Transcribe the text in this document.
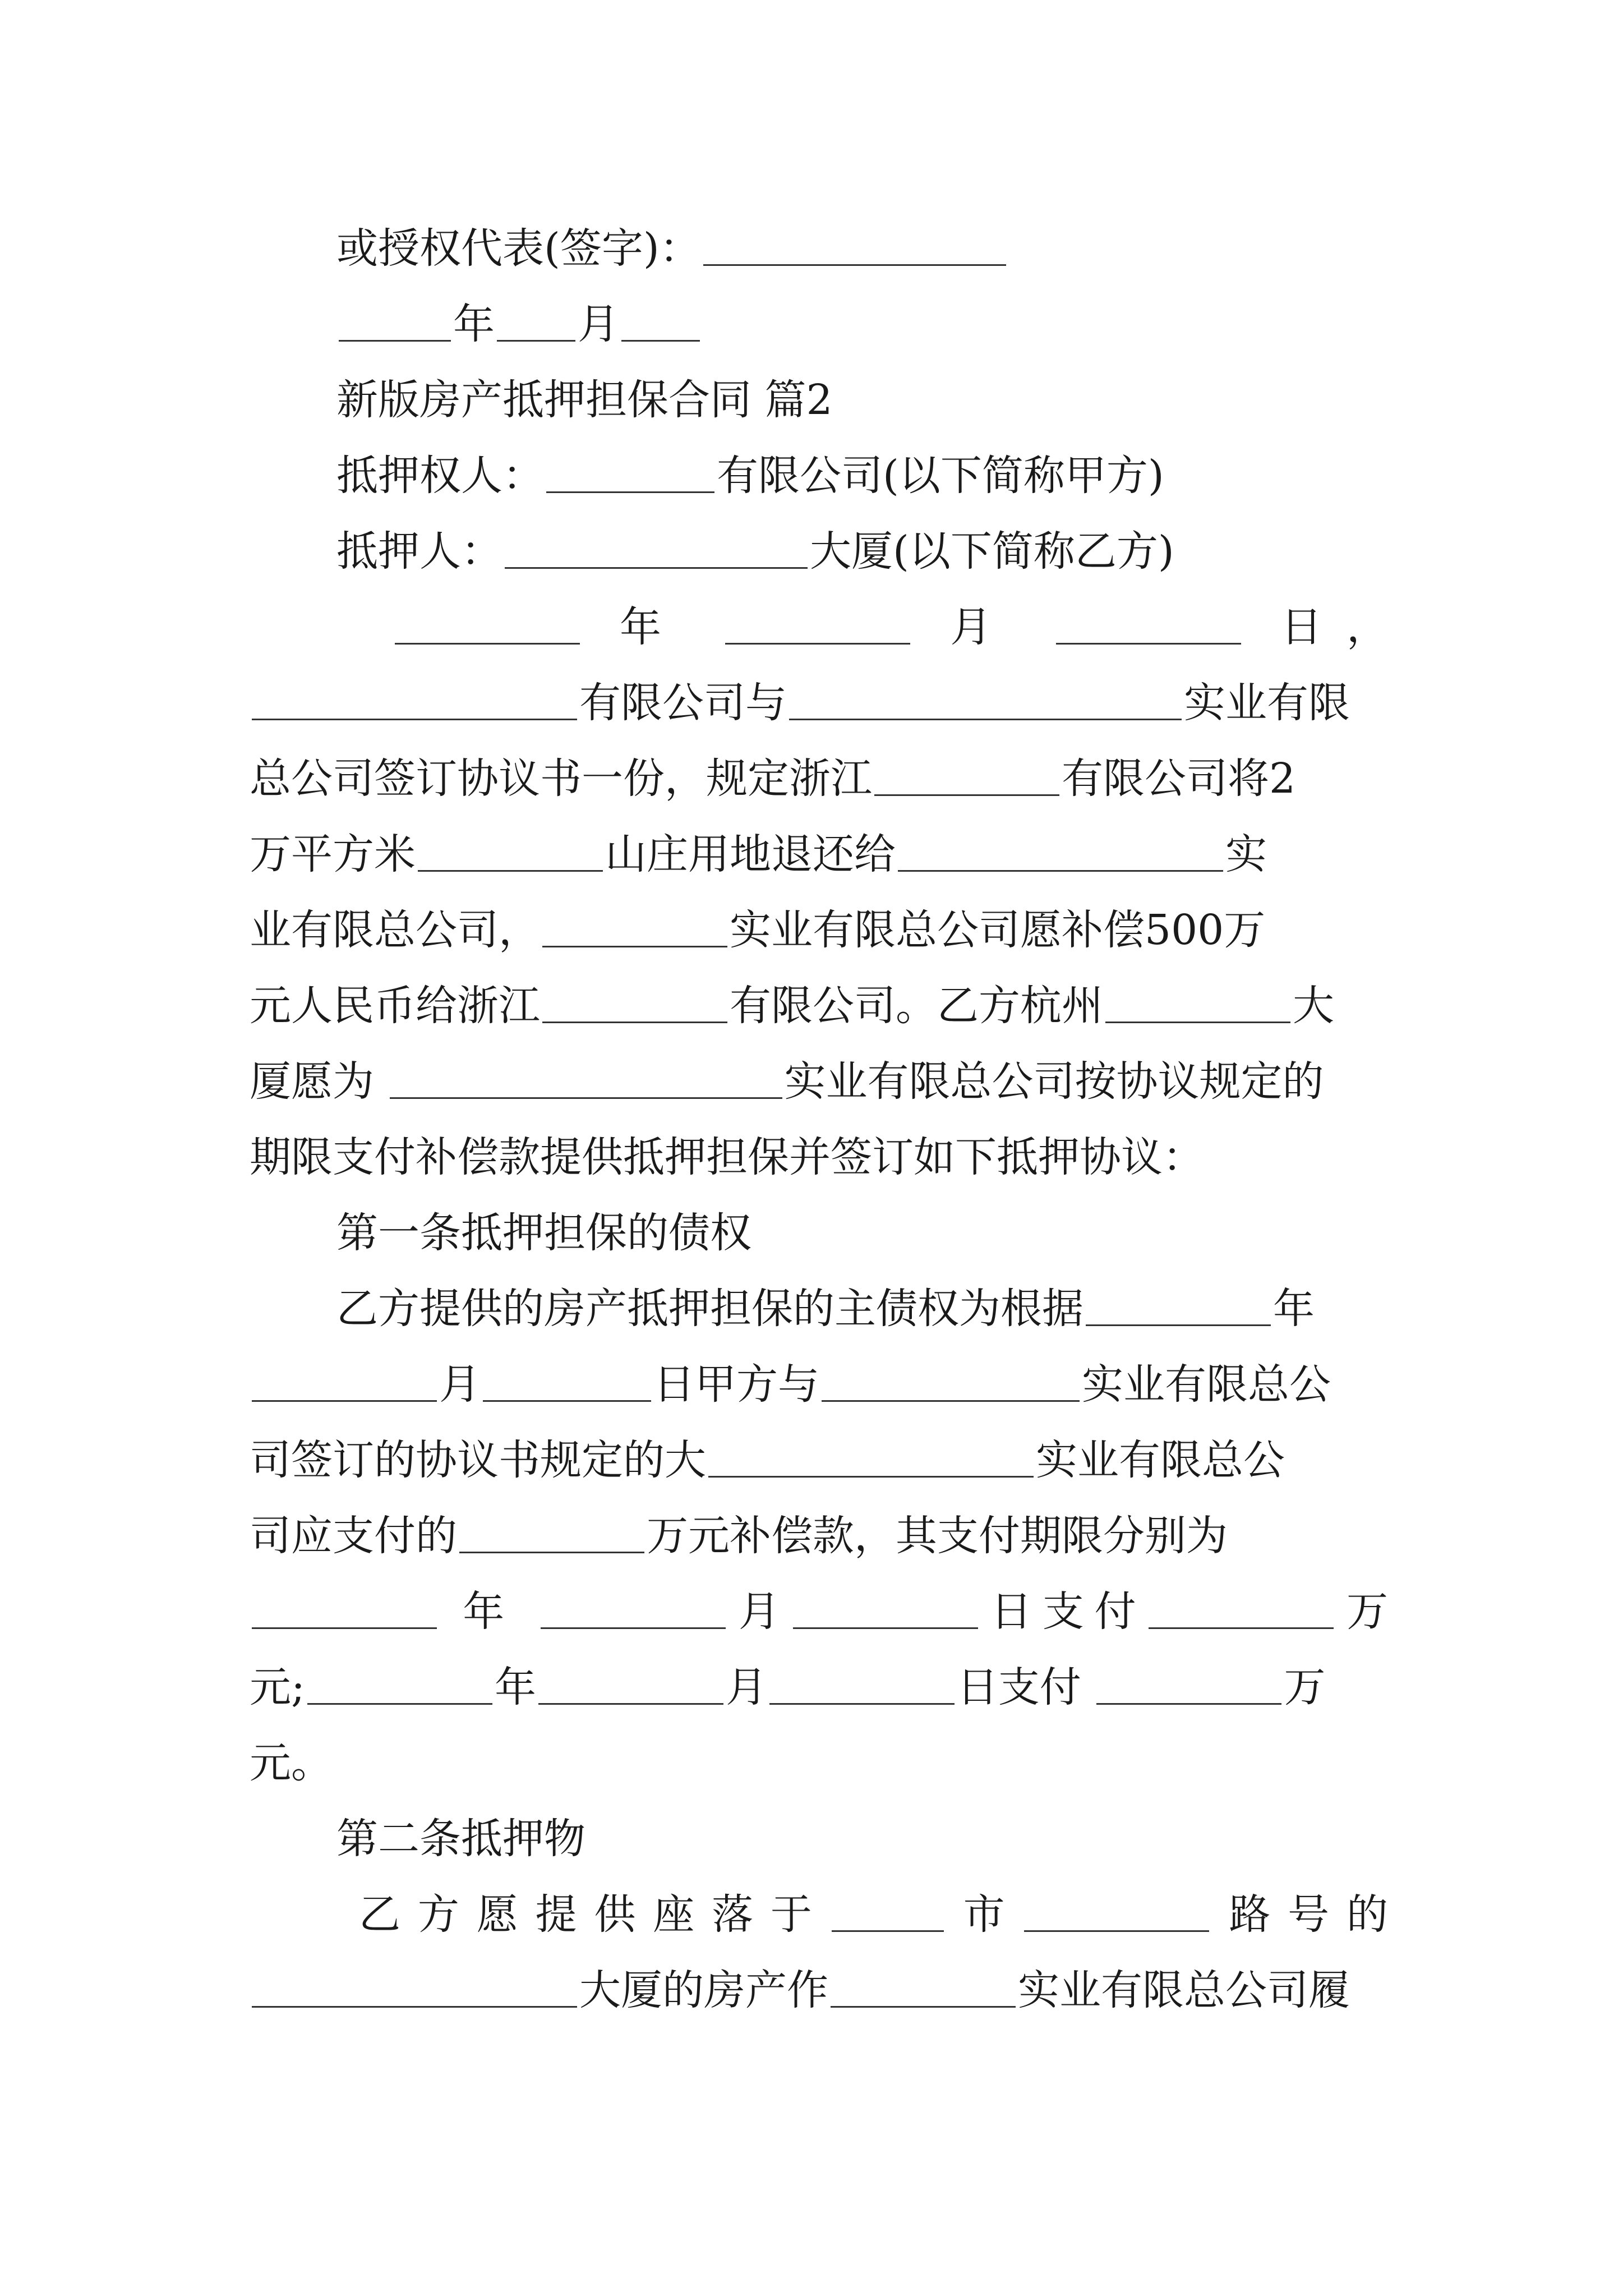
或授权代表(签字)：
年 月
新版房产抵押担保合同 篇2
抵押权人：	有限公司(以下简称甲方)
抵押人：	大厦(以下简称乙方)
年	月	日，
有限公司与	实业有限
总公司签订协议书一份，规定浙江	有限公司将2
万平方米	山庄用地退还给	实
业有限总公司，	实业有限总公司愿补偿500万
元人民币给浙江	有限公司。乙方杭州	大
厦愿为	实业有限总公司按协议规定的
期限支付补偿款提供抵押担保并签订如下抵押协议：
第一条抵押担保的债权
乙方提供的房产抵押担保的主债权为根据	年
月	日甲方与	实业有限总公
司签订的协议书规定的大	实业有限总公
司应支付的	万元补偿款，其支付期限分别为
年	月	日支付	万
元;	年	月	日支付	万
元。
第二条抵押物
乙方愿提供座落于	市	路号的
大厦的房产作	实业有限总公司履
